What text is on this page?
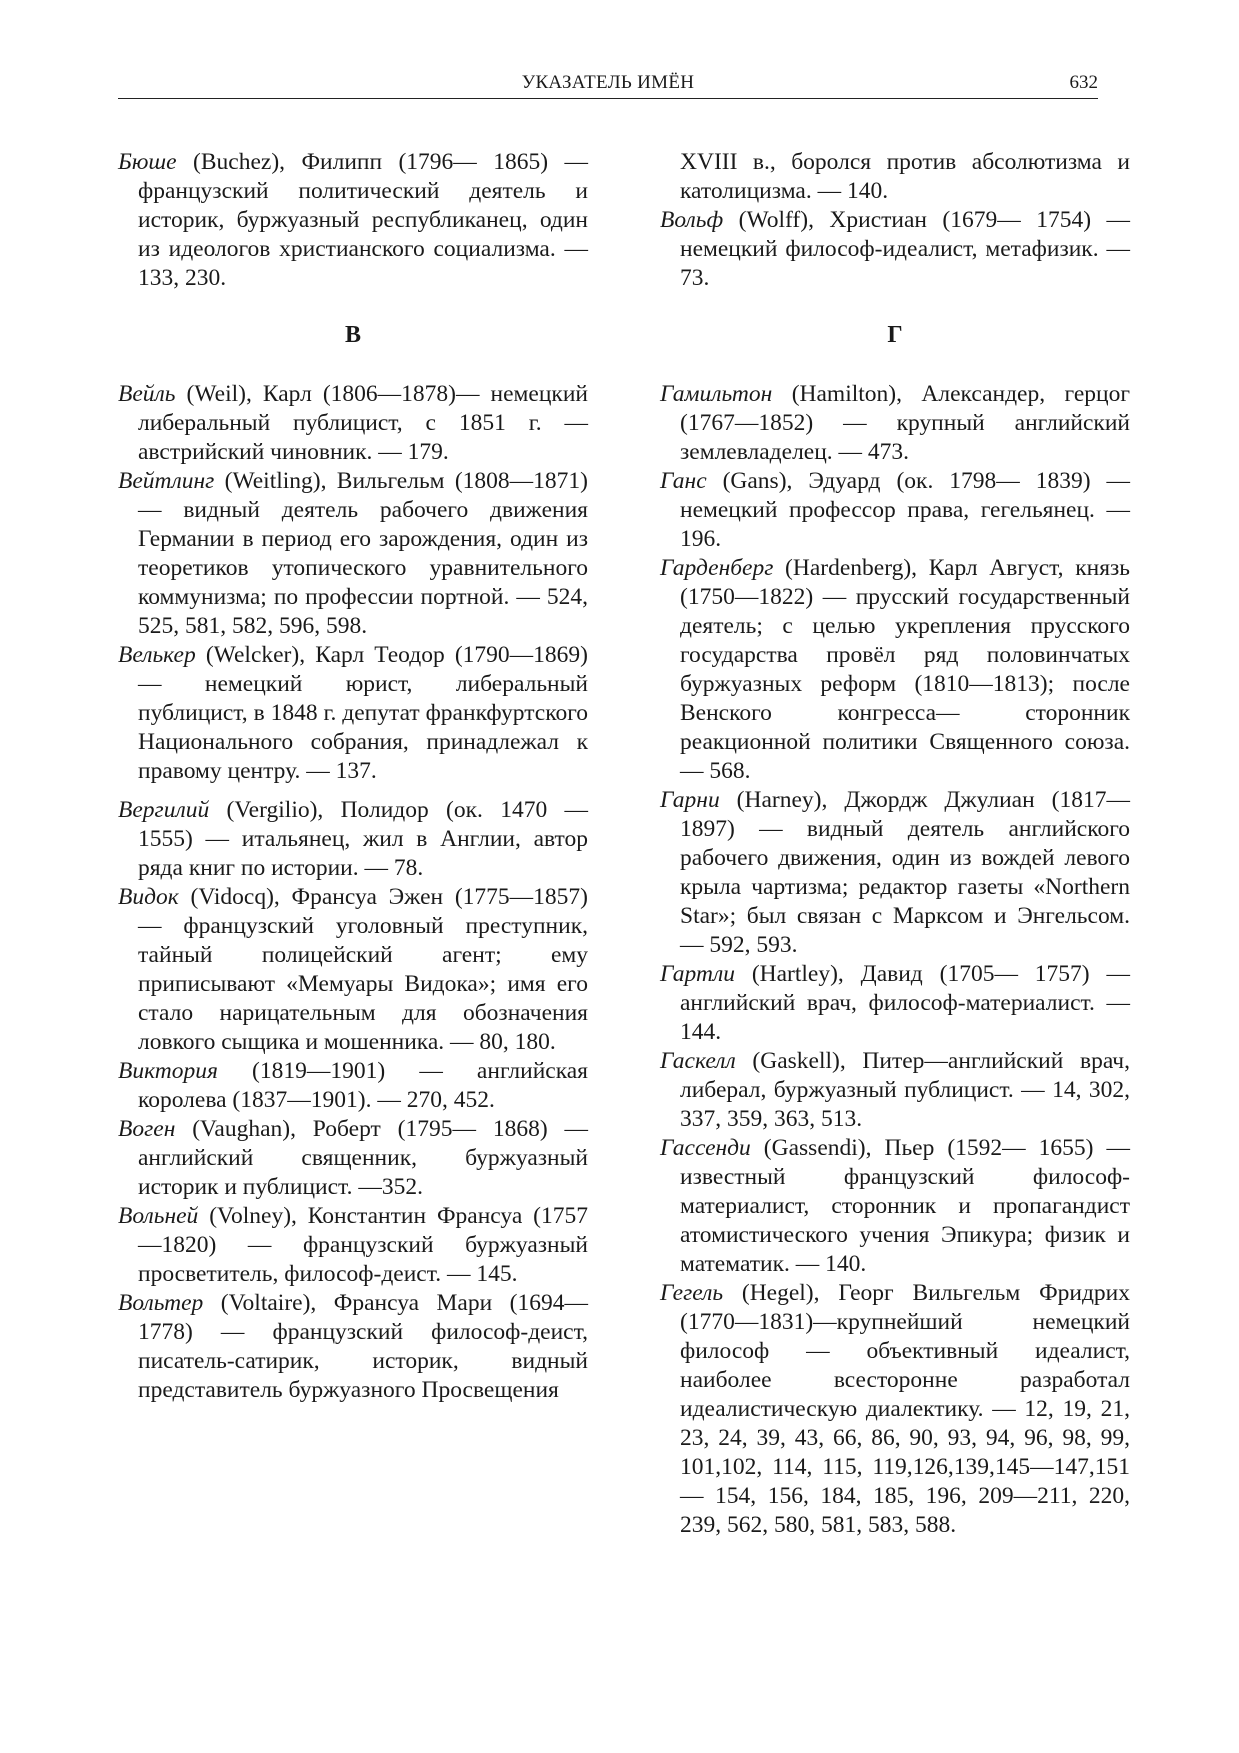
УКАЗАТЕЛЬ ИМЁН	632

Бюше (Buchez), Филипп (1796— 1865) — французский политический деятель и историк, буржуазный республиканец, один из идеологов христианского социализма. — 133, 230.

В

Вейль (Weil), Карл (1806—1878)— немецкий либеральный публицист, с 1851 г. — австрийский чиновник. — 179.

Вейтлинг (Weitling), Вильгельм (1808—1871) — видный деятель рабочего движения Германии в период его зарождения, один из теоретиков утопического уравнительного коммунизма; по профессии портной. — 524, 525, 581, 582, 596, 598.

Велькер (Welcker), Карл Теодор (1790—1869) — немецкий юрист, либеральный публицист, в 1848 г. депутат франкфуртского Национального собрания, принадлежал к правому центру. — 137.

Вергилий (Vergilio), Полидор (ок. 1470 — 1555) — итальянец, жил в Англии, автор ряда книг по истории. — 78.

Видок (Vidocq), Франсуа Эжен (1775—1857) — французский уголовный преступник, тайный полицейский агент; ему приписывают «Мемуары Видока»; имя его стало нарицательным для обозначения ловкого сыщика и мошенника. — 80, 180.

Виктория (1819—1901) — английская королева (1837—1901). — 270, 452.

Воген (Vaughan), Роберт (1795— 1868) — английский священник, буржуазный историк и публицист. —352.

Вольней (Volney), Константин Франсуа (1757—1820) — французский буржуазный просветитель, философ-деист. — 145.

Вольтер (Voltaire), Франсуа Мари (1694—1778) — французский философ-деист, писатель-сатирик, историк, видный представитель буржуазного Просвещения

XVIII в., боролся против абсолютизма и католицизма. — 140.

Вольф (Wolff), Христиан (1679— 1754) — немецкий философ-идеалист, метафизик. — 73.

Г

Гамильтон (Hamilton), Александер, герцог (1767—1852) — крупный английский землевладелец. — 473.

Ганс (Gans), Эдуард (ок. 1798— 1839) — немецкий профессор права, гегельянец. — 196.

Гарденберг (Hardenberg), Карл Август, князь (1750—1822) — прусский государственный деятель; с целью укрепления прусского государства провёл ряд половинчатых буржуазных реформ (1810—1813); после Венского конгресса— сторонник реакционной политики Священного союза. — 568.

Гарни (Harney), Джордж Джулиан (1817—1897) — видный деятель английского рабочего движения, один из вождей левого крыла чартизма; редактор газеты «Northern Star»; был связан с Марксом и Энгельсом. — 592, 593.

Гартли (Hartley), Давид (1705— 1757) — английский врач, философ-материалист. — 144.

Гаскелл (Gaskell), Питер—английский врач, либерал, буржуазный публицист. — 14, 302, 337, 359, 363, 513.

Гассенди (Gassendi), Пьер (1592— 1655) — известный французский философ-материалист, сторонник и пропагандист атомистического учения Эпикура; физик и математик. — 140.

Гегель (Hegel), Георг Вильгельм Фридрих (1770—1831)—крупнейший немецкий философ — объективный идеалист, наиболее всесторонне разработал идеалистическую диалектику. — 12, 19, 21, 23, 24, 39, 43, 66, 86, 90, 93, 94, 96, 98, 99, 101,102, 114, 115, 119,126,139,145—147,151— 154, 156, 184, 185, 196, 209—211, 220, 239, 562, 580, 581, 583, 588.
